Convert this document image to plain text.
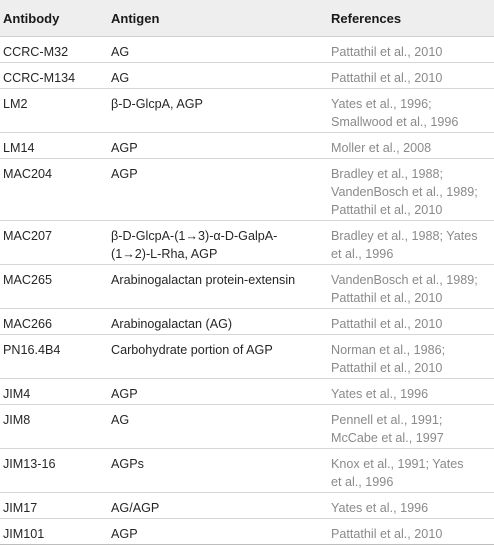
Antibody	Antigen	References
CCRC-M32	AG	Pattathil et al., 2010

CCRC-M134	AG	Pattathil et al., 2010

LM2	β-D-GlcpA, AGP	Yates et al., 1996;
Smallwood et al., 1996

LM14	AGP	Moller et al., 2008

MAC204	AGP	Bradley et al., 1988;
VandenBosch et al., 1989;
Pattathil et al., 2010

MAC207	β-D-GlcpA-(1→3)-α-D-GalpA-
(1→2)-L-Rha, AGP	Bradley et al., 1988; Yates
et al., 1996

MAC265	Arabinogalactan protein-extensin	VandenBosch et al., 1989;
Pattathil et al., 2010

MAC266	Arabinogalactan (AG)	Pattathil et al., 2010

PN16.4B4	Carbohydrate portion of AGP	Norman et al., 1986;
Pattathil et al., 2010

JIM4	AGP	Yates et al., 1996

JIM8	AG	Pennell et al., 1991;
McCabe et al., 1997

JIM13-16	AGPs	Knox et al., 1991; Yates
et al., 1996

JIM17	AG/AGP	Yates et al., 1996

JIM101	AGP	Pattathil et al., 2010
